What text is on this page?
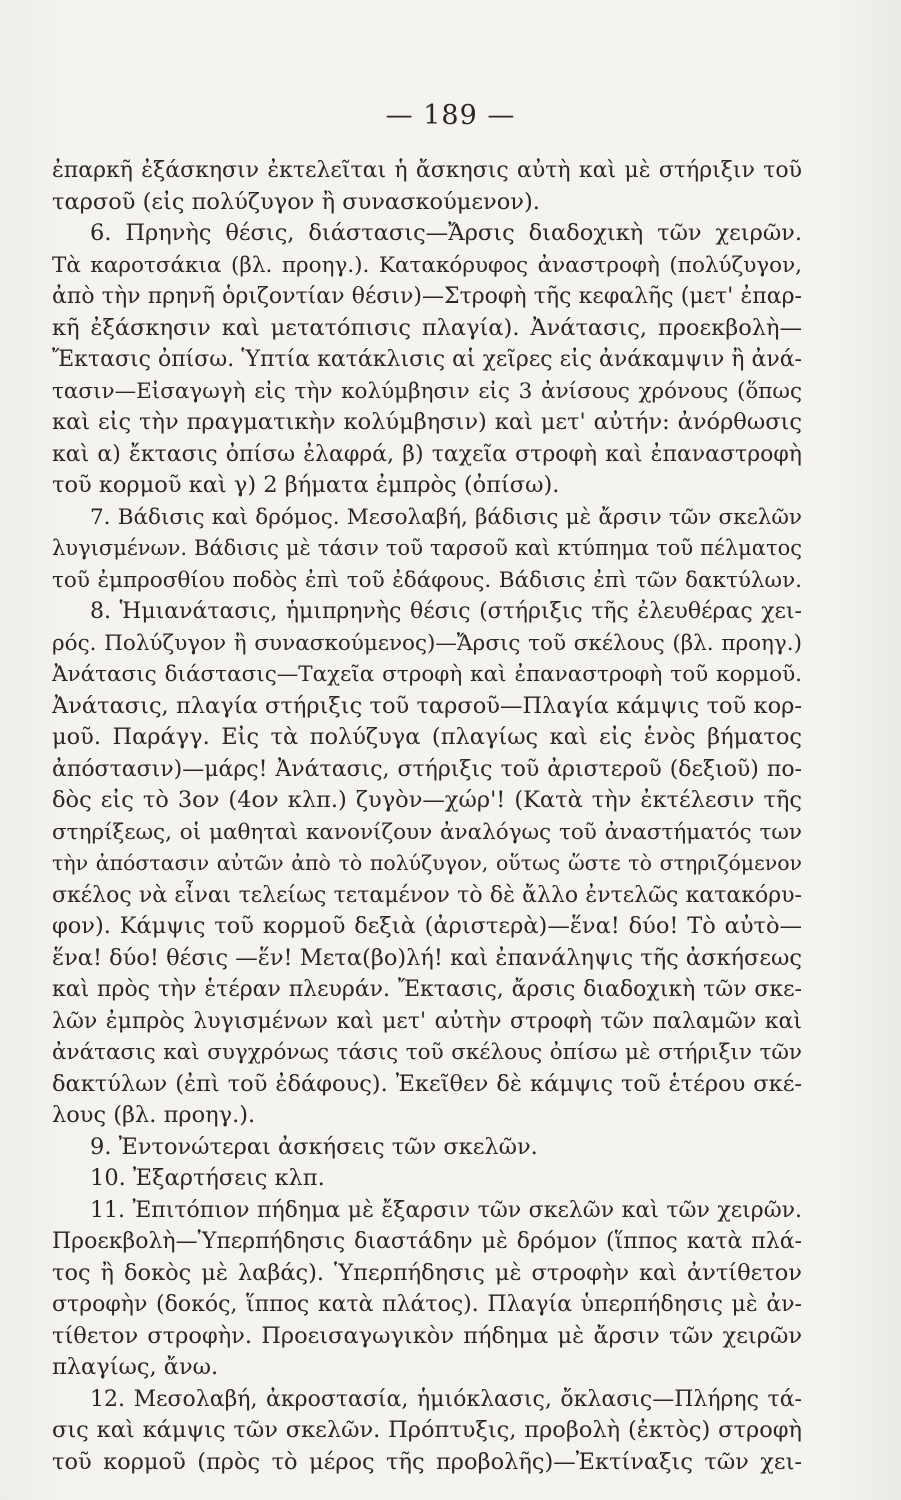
— 189 —
ἐπαρκῆ ἐξάσκησιν ἐκτελεῖται ἡ ἄσκησις αὐτὴ καὶ μὲ στήριξιν τοῦ
ταρσοῦ (εἰς πολύζυγον ἢ συνασκούμενον).
6. Πρηνὴς θέσις, διάστασις—Ἄρσις διαδοχικὴ τῶν χειρῶν.
Τὰ καροτσάκια (βλ. προηγ.). Κατακόρυφος ἀναστροφὴ (πολύζυγον,
ἀπὸ τὴν πρηνῆ ὁριζοντίαν θέσιν)—Στροφὴ τῆς κεφαλῆς (μετ' ἐπαρ-
κῆ ἐξάσκησιν καὶ μετατόπισις πλαγία). Ἀνάτασις, προεκβολὴ—
Ἔκτασις ὀπίσω. Ὑπτία κατάκλισις αἱ χεῖρες εἰς ἀνάκαμψιν ἢ ἀνά-
τασιν—Εἰσαγωγὴ εἰς τὴν κολύμβησιν εἰς 3 ἀνίσους χρόνους (ὅπως
καὶ εἰς τὴν πραγματικὴν κολύμβησιν) καὶ μετ' αὐτήν: ἀνόρθωσις
καὶ α) ἔκτασις ὀπίσω ἐλαφρά, β) ταχεῖα στροφὴ καὶ ἐπαναστροφὴ
τοῦ κορμοῦ καὶ γ) 2 βήματα ἐμπρὸς (ὀπίσω).
7. Βάδισις καὶ δρόμος. Μεσολαβή, βάδισις μὲ ἄρσιν τῶν σκελῶν
λυγισμένων. Βάδισις μὲ τάσιν τοῦ ταρσοῦ καὶ κτύπημα τοῦ πέλματος
τοῦ ἐμπροσθίου ποδὸς ἐπὶ τοῦ ἐδάφους. Βάδισις ἐπὶ τῶν δακτύλων.
8. Ἡμιανάτασις, ἡμιπρηνὴς θέσις (στήριξις τῆς ἐλευθέρας χει-
ρός. Πολύζυγον ἢ συνασκούμενος)—Ἄρσις τοῦ σκέλους (βλ. προηγ.)
Ἀνάτασις διάστασις—Ταχεῖα στροφὴ καὶ ἐπαναστροφὴ τοῦ κορμοῦ.
Ἀνάτασις, πλαγία στήριξις τοῦ ταρσοῦ—Πλαγία κάμψις τοῦ κορ-
μοῦ. Παράγγ. Εἰς τὰ πολύζυγα (πλαγίως καὶ εἰς ἑνὸς βήματος
ἀπόστασιν)—μάρς! Ἀνάτασις, στήριξις τοῦ ἀριστεροῦ (δεξιοῦ) πο-
δὸς εἰς τὸ 3ον (4ον κλπ.) ζυγὸν—χώρ'! (Κατὰ τὴν ἐκτέλεσιν τῆς
στηρίξεως, οἱ μαθηταὶ κανονίζουν ἀναλόγως τοῦ ἀναστήματός των
τὴν ἀπόστασιν αὐτῶν ἀπὸ τὸ πολύζυγον, οὕτως ὥστε τὸ στηριζόμενον
σκέλος νὰ εἶναι τελείως τεταμένον τὸ δὲ ἄλλο ἐντελῶς κατακόρυ-
φον). Κάμψις τοῦ κορμοῦ δεξιὰ (ἀριστερὰ)—ἕνα! δύο! Τὸ αὐτὸ—
ἕνα! δύο! θέσις —ἕν! Μετα(βο)λή! καὶ ἐπανάληψις τῆς ἀσκήσεως
καὶ πρὸς τὴν ἑτέραν πλευράν. Ἔκτασις, ἄρσις διαδοχικὴ τῶν σκε-
λῶν ἐμπρὸς λυγισμένων καὶ μετ' αὐτὴν στροφὴ τῶν παλαμῶν καὶ
ἀνάτασις καὶ συγχρόνως τάσις τοῦ σκέλους ὀπίσω μὲ στήριξιν τῶν
δακτύλων (ἐπὶ τοῦ ἐδάφους). Ἐκεῖθεν δὲ κάμψις τοῦ ἑτέρου σκέ-
λους (βλ. προηγ.).
9. Ἐντονώτεραι ἀσκήσεις τῶν σκελῶν.
10. Ἐξαρτήσεις κλπ.
11. Ἐπιτόπιον πήδημα μὲ ἔξαρσιν τῶν σκελῶν καὶ τῶν χειρῶν.
Προεκβολὴ—Ὑπερπήδησις διαστάδην μὲ δρόμον (ἵππος κατὰ πλά-
τος ἢ δοκὸς μὲ λαβάς). Ὑπερπήδησις μὲ στροφὴν καὶ ἀντίθετον
στροφὴν (δοκός, ἵππος κατὰ πλάτος). Πλαγία ὑπερπήδησις μὲ ἀν-
τίθετον στροφὴν. Προεισαγωγικὸν πήδημα μὲ ἄρσιν τῶν χειρῶν
πλαγίως, ἄνω.
12. Μεσολαβή, ἀκροστασία, ἡμιόκλασις, ὄκλασις—Πλήρης τά-
σις καὶ κάμψις τῶν σκελῶν. Πρόπτυξις, προβολὴ (ἐκτὸς) στροφὴ
τοῦ κορμοῦ (πρὸς τὸ μέρος τῆς προβολῆς)—Ἐκτίναξις τῶν χει-
